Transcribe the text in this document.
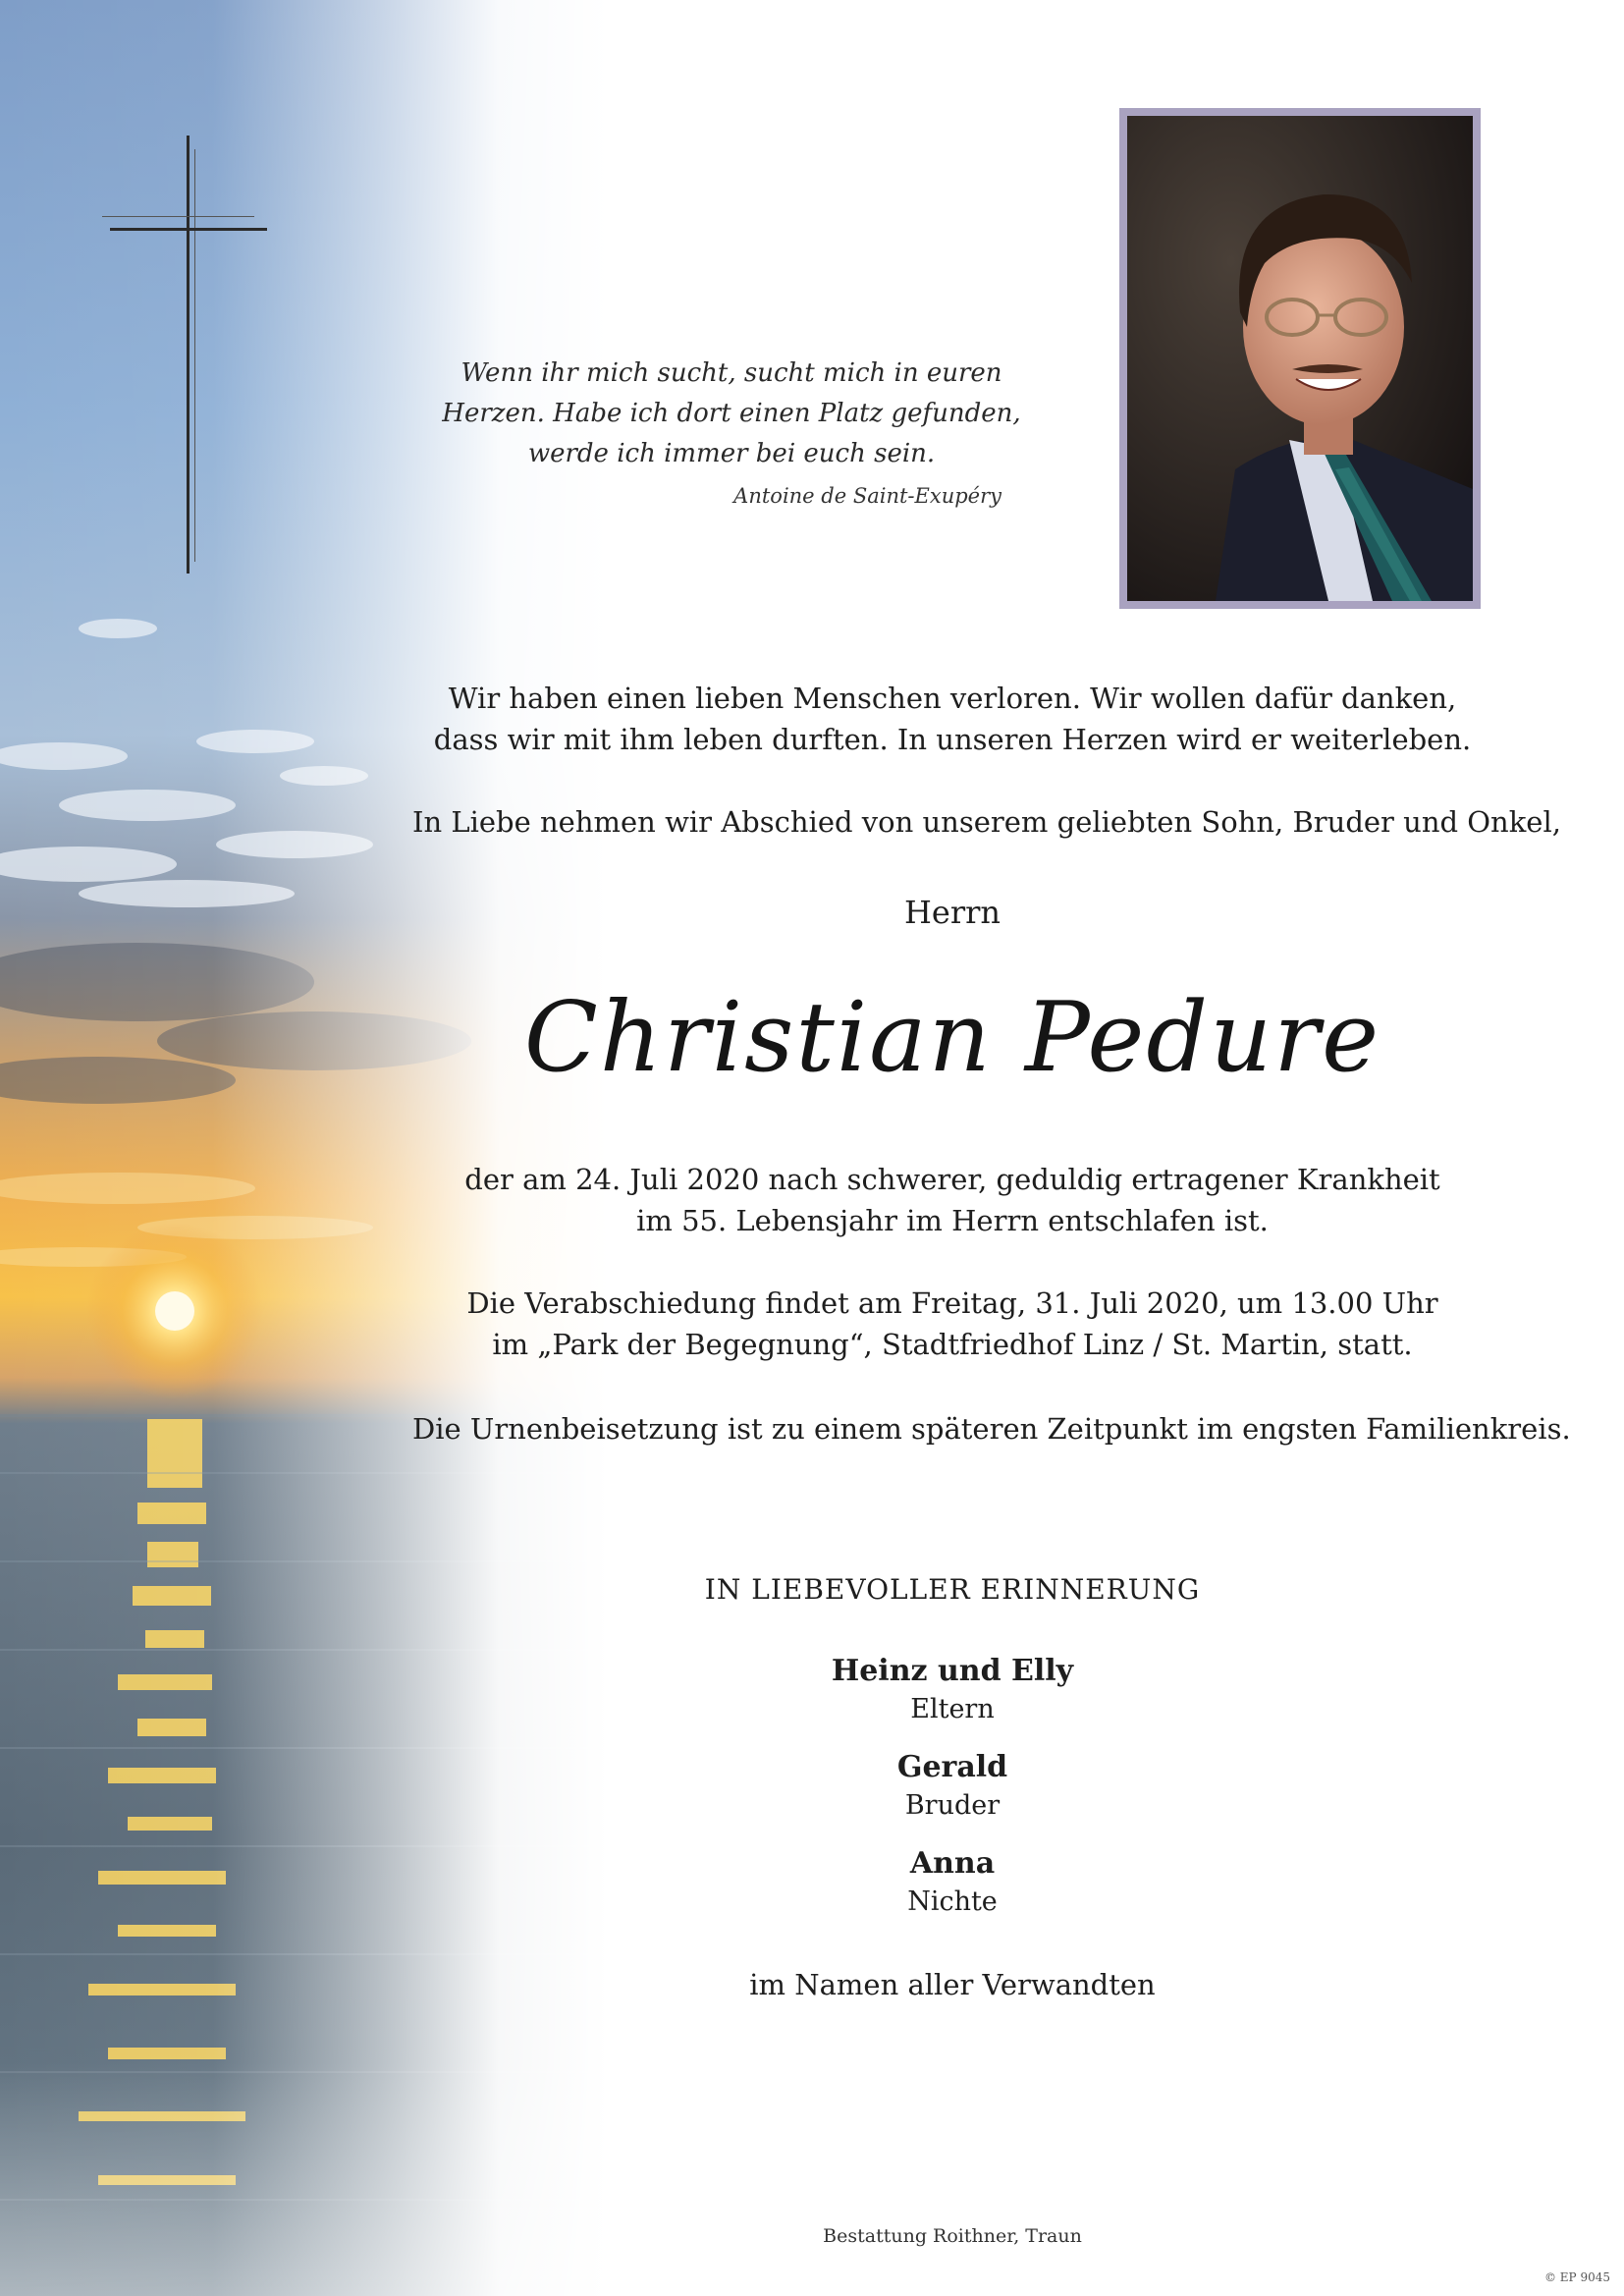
Wenn ihr mich sucht, sucht mich in euren
Herzen. Habe ich dort einen Platz gefunden,
werde ich immer bei euch sein.
Antoine de Saint-Exupéry
Wir haben einen lieben Menschen verloren. Wir wollen dafür danken,
dass wir mit ihm leben durften. In unseren Herzen wird er weiterleben.
In Liebe nehmen wir Abschied von unserem geliebten Sohn, Bruder und Onkel,
Herrn
Christian Pedure
der am 24. Juli 2020 nach schwerer, geduldig ertragener Krankheit
im 55. Lebensjahr im Herrn entschlafen ist.
Die Verabschiedung findet am Freitag, 31. Juli 2020, um 13.00 Uhr
im „Park der Begegnung“, Stadtfriedhof Linz / St. Martin, statt.
Die Urnenbeisetzung ist zu einem späteren Zeitpunkt im engsten Familienkreis.
IN LIEBEVOLLER ERINNERUNG
Heinz und Elly
Eltern
Gerald
Bruder
Anna
Nichte
im Namen aller Verwandten
Bestattung Roithner, Traun
© EP 9045
